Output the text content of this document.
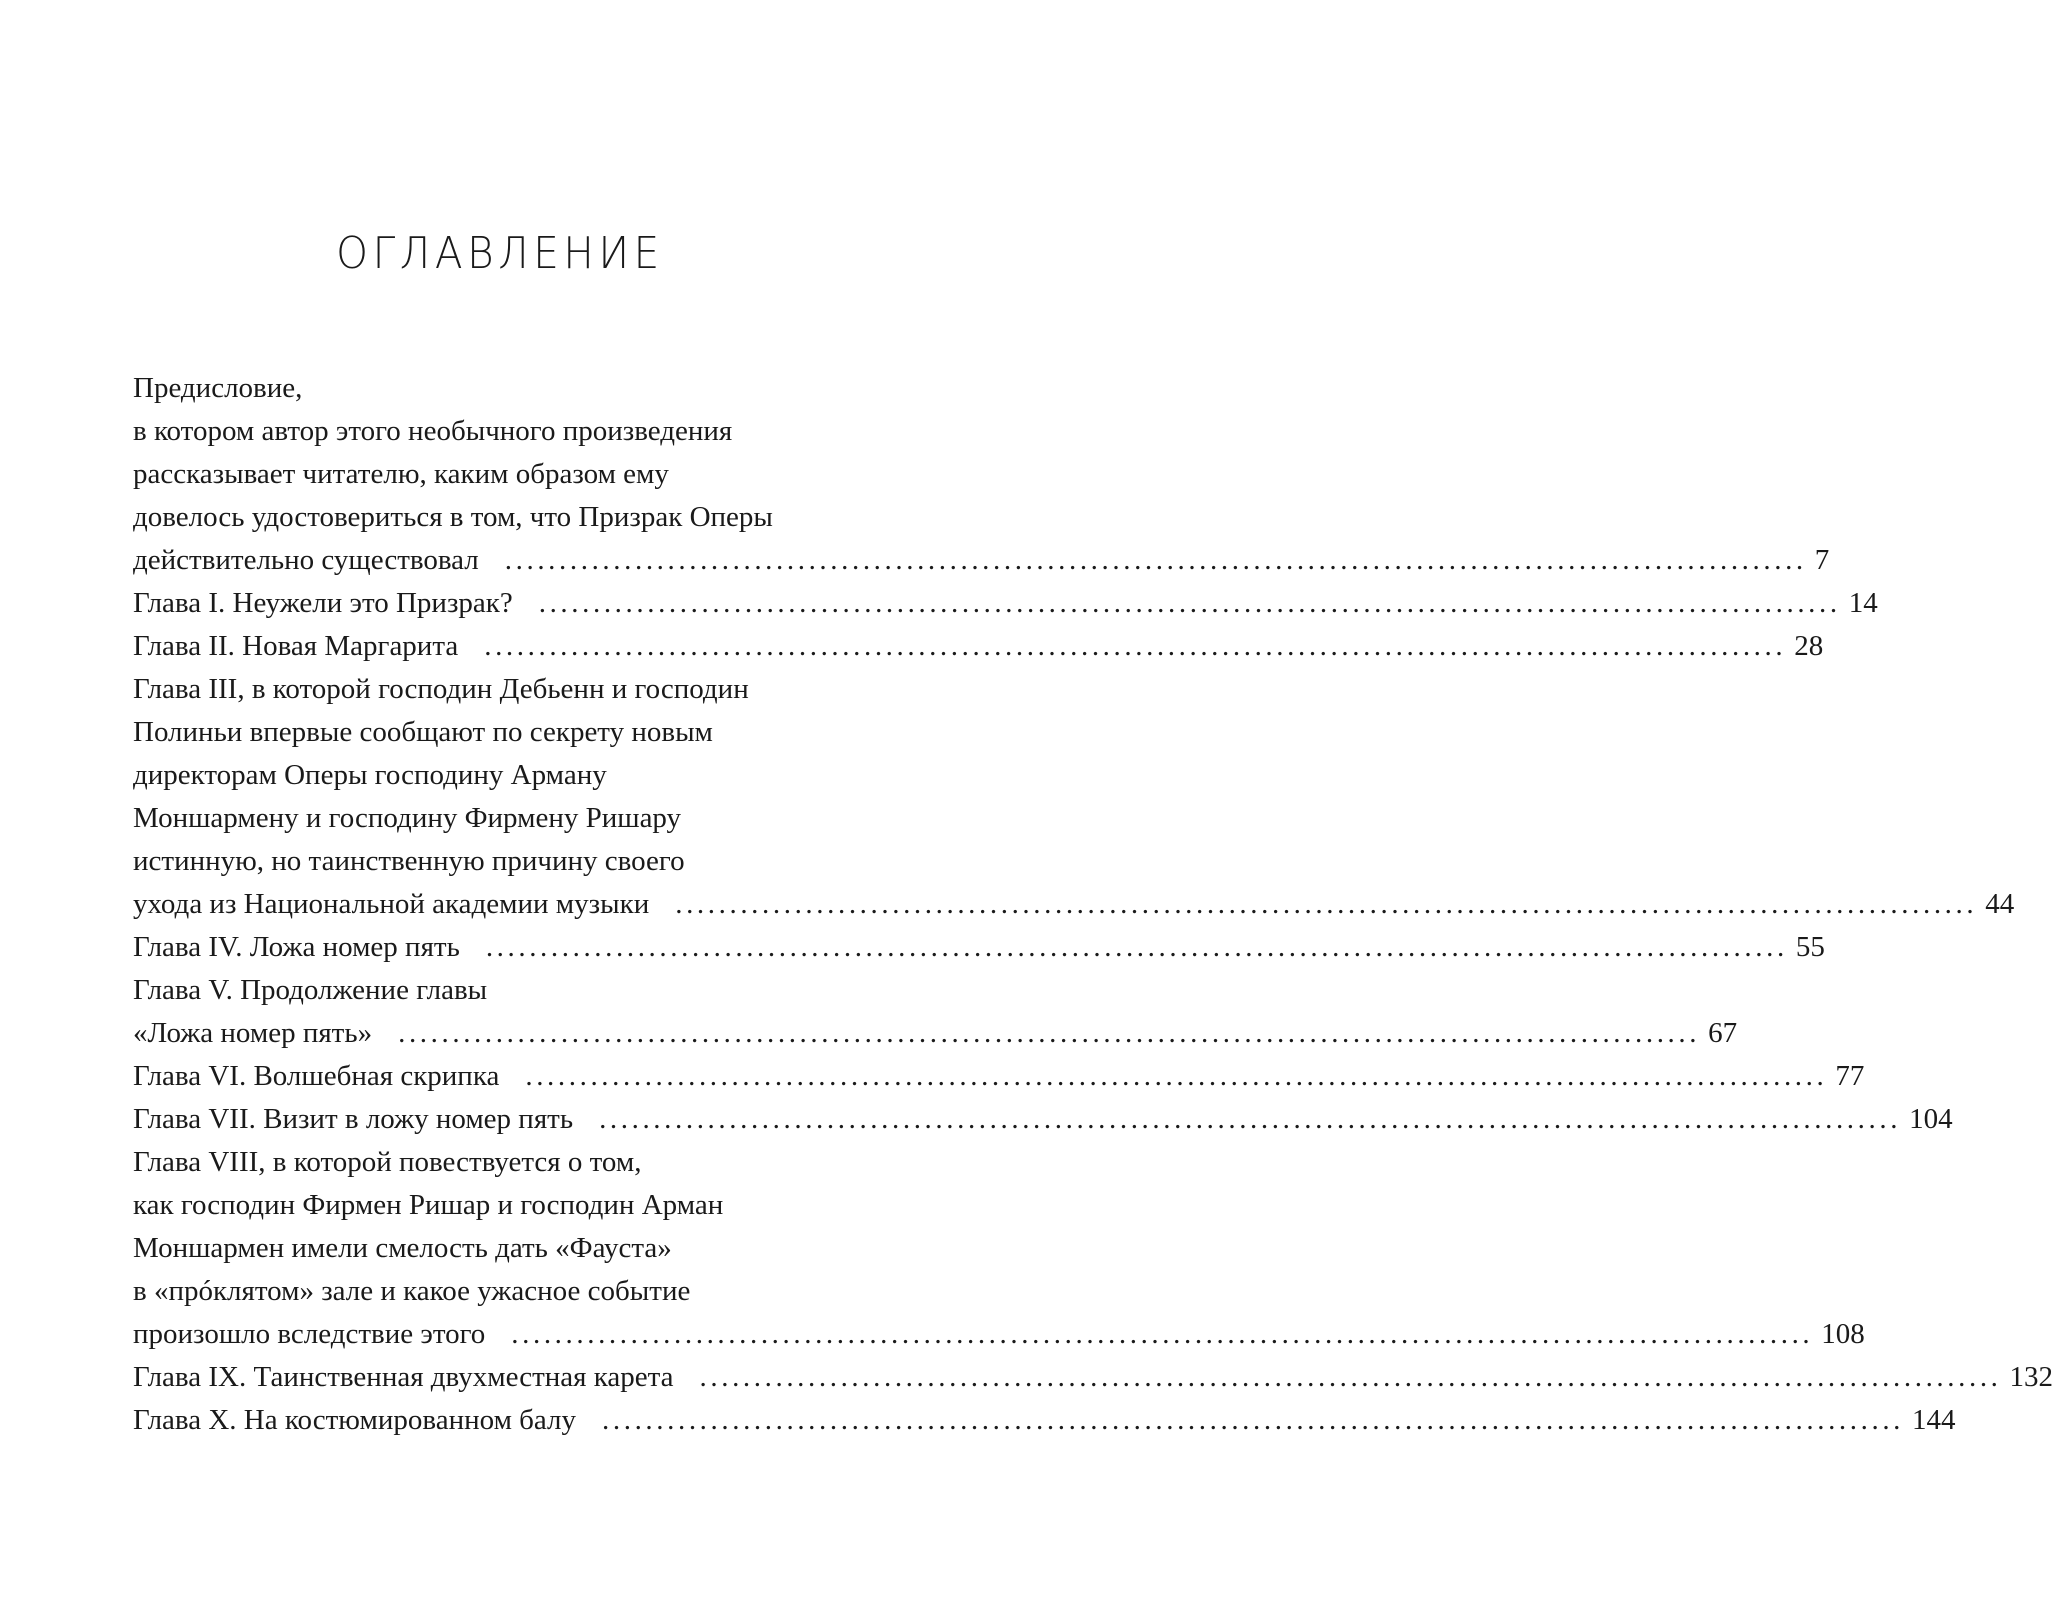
ОГЛАВЛЕНИЕ
Предисловие,
в котором автор этого необычного произведения
рассказывает читателю, каким образом ему
довелось удостовериться в том, что Призрак Оперы
действительно существовал ........................................................................................................................ 7
Глава I. Неужели это Призрак? ........................................................................................................................ 14
Глава II. Новая Маргарита ........................................................................................................................ 28
Глава III, в которой господин Дебьенн и господин
Полиньи впервые сообщают по секрету новым
директорам Оперы господину Арману
Моншармену и господину Фирмену Ришару
истинную, но таинственную причину своего
ухода из Национальной академии музыки ........................................................................................................................ 44
Глава IV. Ложа номер пять ........................................................................................................................ 55
Глава V. Продолжение главы
«Ложа номер пять» ........................................................................................................................ 67
Глава VI. Волшебная скрипка ........................................................................................................................ 77
Глава VII. Визит в ложу номер пять ........................................................................................................................ 104
Глава VIII, в которой повествуется о том,
как господин Фирмен Ришар и господин Арман
Моншармен имели смелость дать «Фауста»
в «пpóклятом» зале и какое ужасное событие
произошло вследствие этого ........................................................................................................................ 108
Глава IX. Таинственная двухместная карета ........................................................................................................................ 132
Глава X. На костюмированном балу ........................................................................................................................ 144
